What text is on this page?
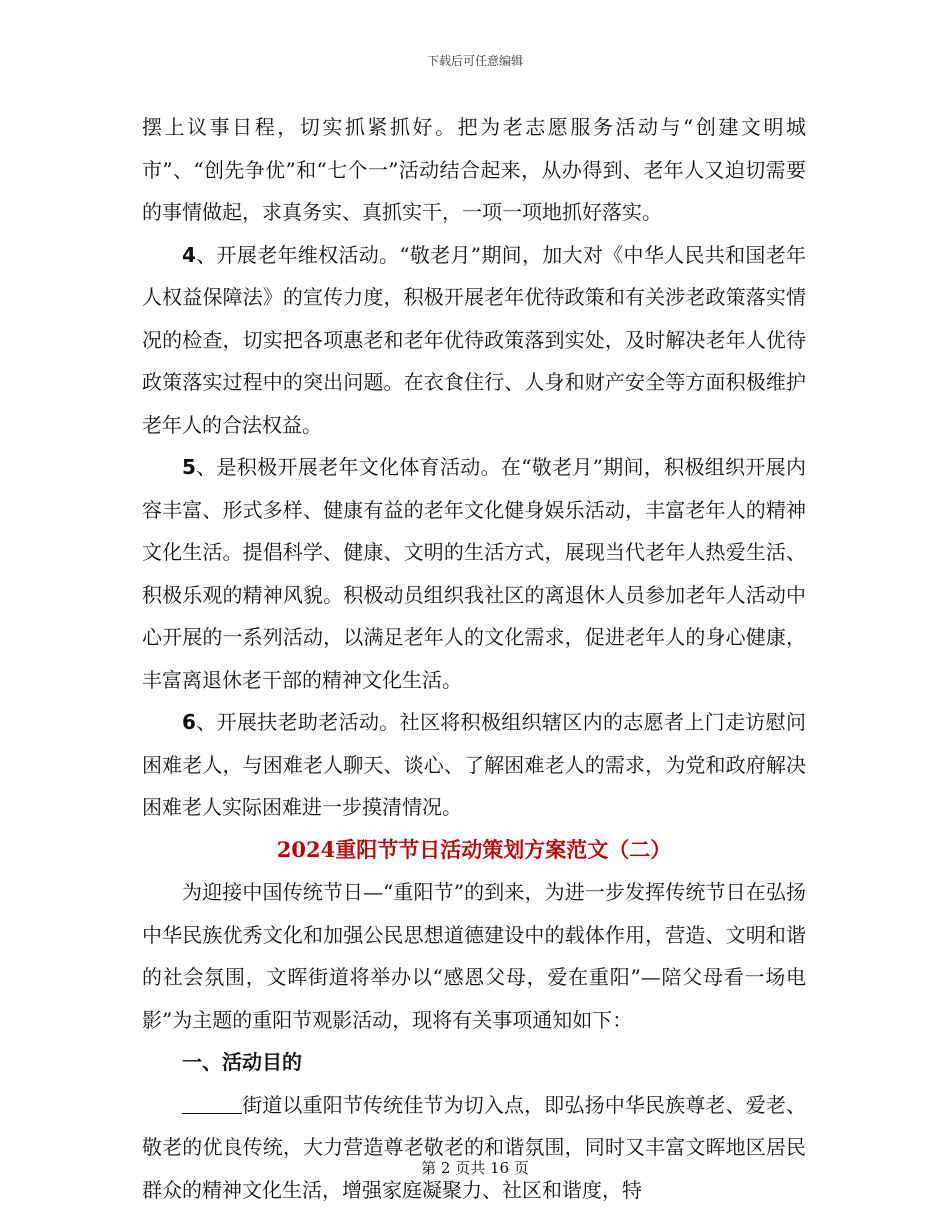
下载后可任意编辑

摆上议事日程，切实抓紧抓好。把为老志愿服务活动与“创建文明城市”、“创先争优”和“七个一”活动结合起来，从办得到、老年人又迫切需要的事情做起，求真务实、真抓实干，一项一项地抓好落实。

4、开展老年维权活动。“敬老月”期间，加大对《中华人民共和国老年人权益保障法》的宣传力度，积极开展老年优待政策和有关涉老政策落实情况的检查，切实把各项惠老和老年优待政策落到实处，及时解决老年人优待政策落实过程中的突出问题。在衣食住行、人身和财产安全等方面积极维护老年人的合法权益。

5、是积极开展老年文化体育活动。在“敬老月”期间，积极组织开展内容丰富、形式多样、健康有益的老年文化健身娱乐活动，丰富老年人的精神文化生活。提倡科学、健康、文明的生活方式，展现当代老年人热爱生活、积极乐观的精神风貌。积极动员组织我社区的离退休人员参加老年人活动中心开展的一系列活动，以满足老年人的文化需求，促进老年人的身心健康，丰富离退休老干部的精神文化生活。

6、开展扶老助老活动。社区将积极组织辖区内的志愿者上门走访慰问困难老人，与困难老人聊天、谈心、了解困难老人的需求，为党和政府解决困难老人实际困难进一步摸清情况。

2024重阳节节日活动策划方案范文（二）

为迎接中国传统节日—“重阳节”的到来，为进一步发挥传统节日在弘扬中华民族优秀文化和加强公民思想道德建设中的载体作用，营造、文明和谐的社会氛围，文晖街道将举办以“感恩父母，爱在重阳”—陪父母看一场电影”为主题的重阳节观影活动，现将有关事项通知如下：

一、活动目的

街道以重阳节传统佳节为切入点，即弘扬中华民族尊老、爱老、敬老的优良传统，大力营造尊老敬老的和谐氛围，同时又丰富文晖地区居民群众的精神文化生活，增强家庭凝聚力、社区和谐度，特

第 2 页共 16 页
